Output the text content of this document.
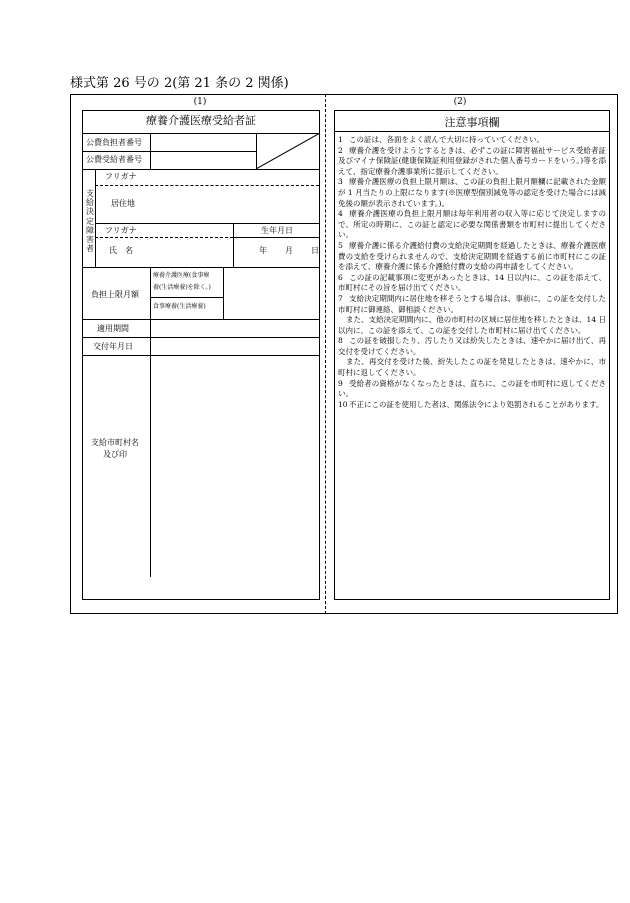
様式第 26 号の 2(第 21 条の 2 関係)
(1)	(2)
療養介護医療受給者証
公費負担者番号
公費受給者番号
支
給
決
定
障
害
者
フリガナ
居住地
フリガナ	生年月日
氏　名	年 月 日
負担上限月額
療養介護医療(食事療
養(生活療養)を除く。)
食事療養(生活療養)
適用期間
交付年月日
支給市町村名
及び印
注意事項欄

1 この証は、各面をよく読んで大切に持っていてください。

2 療養介護を受けようとするときは、必ずこの証に障害福祉サービス受給者証及びマイナ保険証(健康保険証利用登録がされた個人番号カードをいう。)等を添えて、指定療養介護事業所に提示してください。

3 療養介護医療の負担上限月額は、この証の負担上限月額欄に記載された金額が 1 月当たりの上限になります(※医療型個別減免等の認定を受けた場合には減免後の額が表示されています。)。

4 療養介護医療の負担上限月額は毎年利用者の収入等に応じて決定しますので、所定の時期に、この証と認定に必要な関係書類を市町村に提出してください。

5 療養介護に係る介護給付費の支給決定期間を経過したときは、療養介護医療費の支給を受けられませんので、支給決定期間を経過する前に市町村にこの証を添えて、療養介護に係る介護給付費の支給の再申請をしてください。

6 この証の記載事項に変更があったときは、14 日以内に、この証を添えて、市町村にその旨を届け出てください。

7 支給決定期間内に居住地を移そうとする場合は、事前に、この証を交付した市町村に御連絡、御相談ください。

また、支給決定期間内に、他の市町村の区域に居住地を移したときは、14 日以内に、この証を添えて、この証を交付した市町村に届け出てください。

8 この証を破損したり、汚したり又は紛失したときは、速やかに届け出て、再交付を受けてください。

また、再交付を受けた後、紛失したこの証を発見したときは、速やかに、市町村に返してください。

9 受給者の資格がなくなったときは、直ちに、この証を市町村に返してください。

10不正にこの証を使用した者は、関係法令により処罰されることがあります。
